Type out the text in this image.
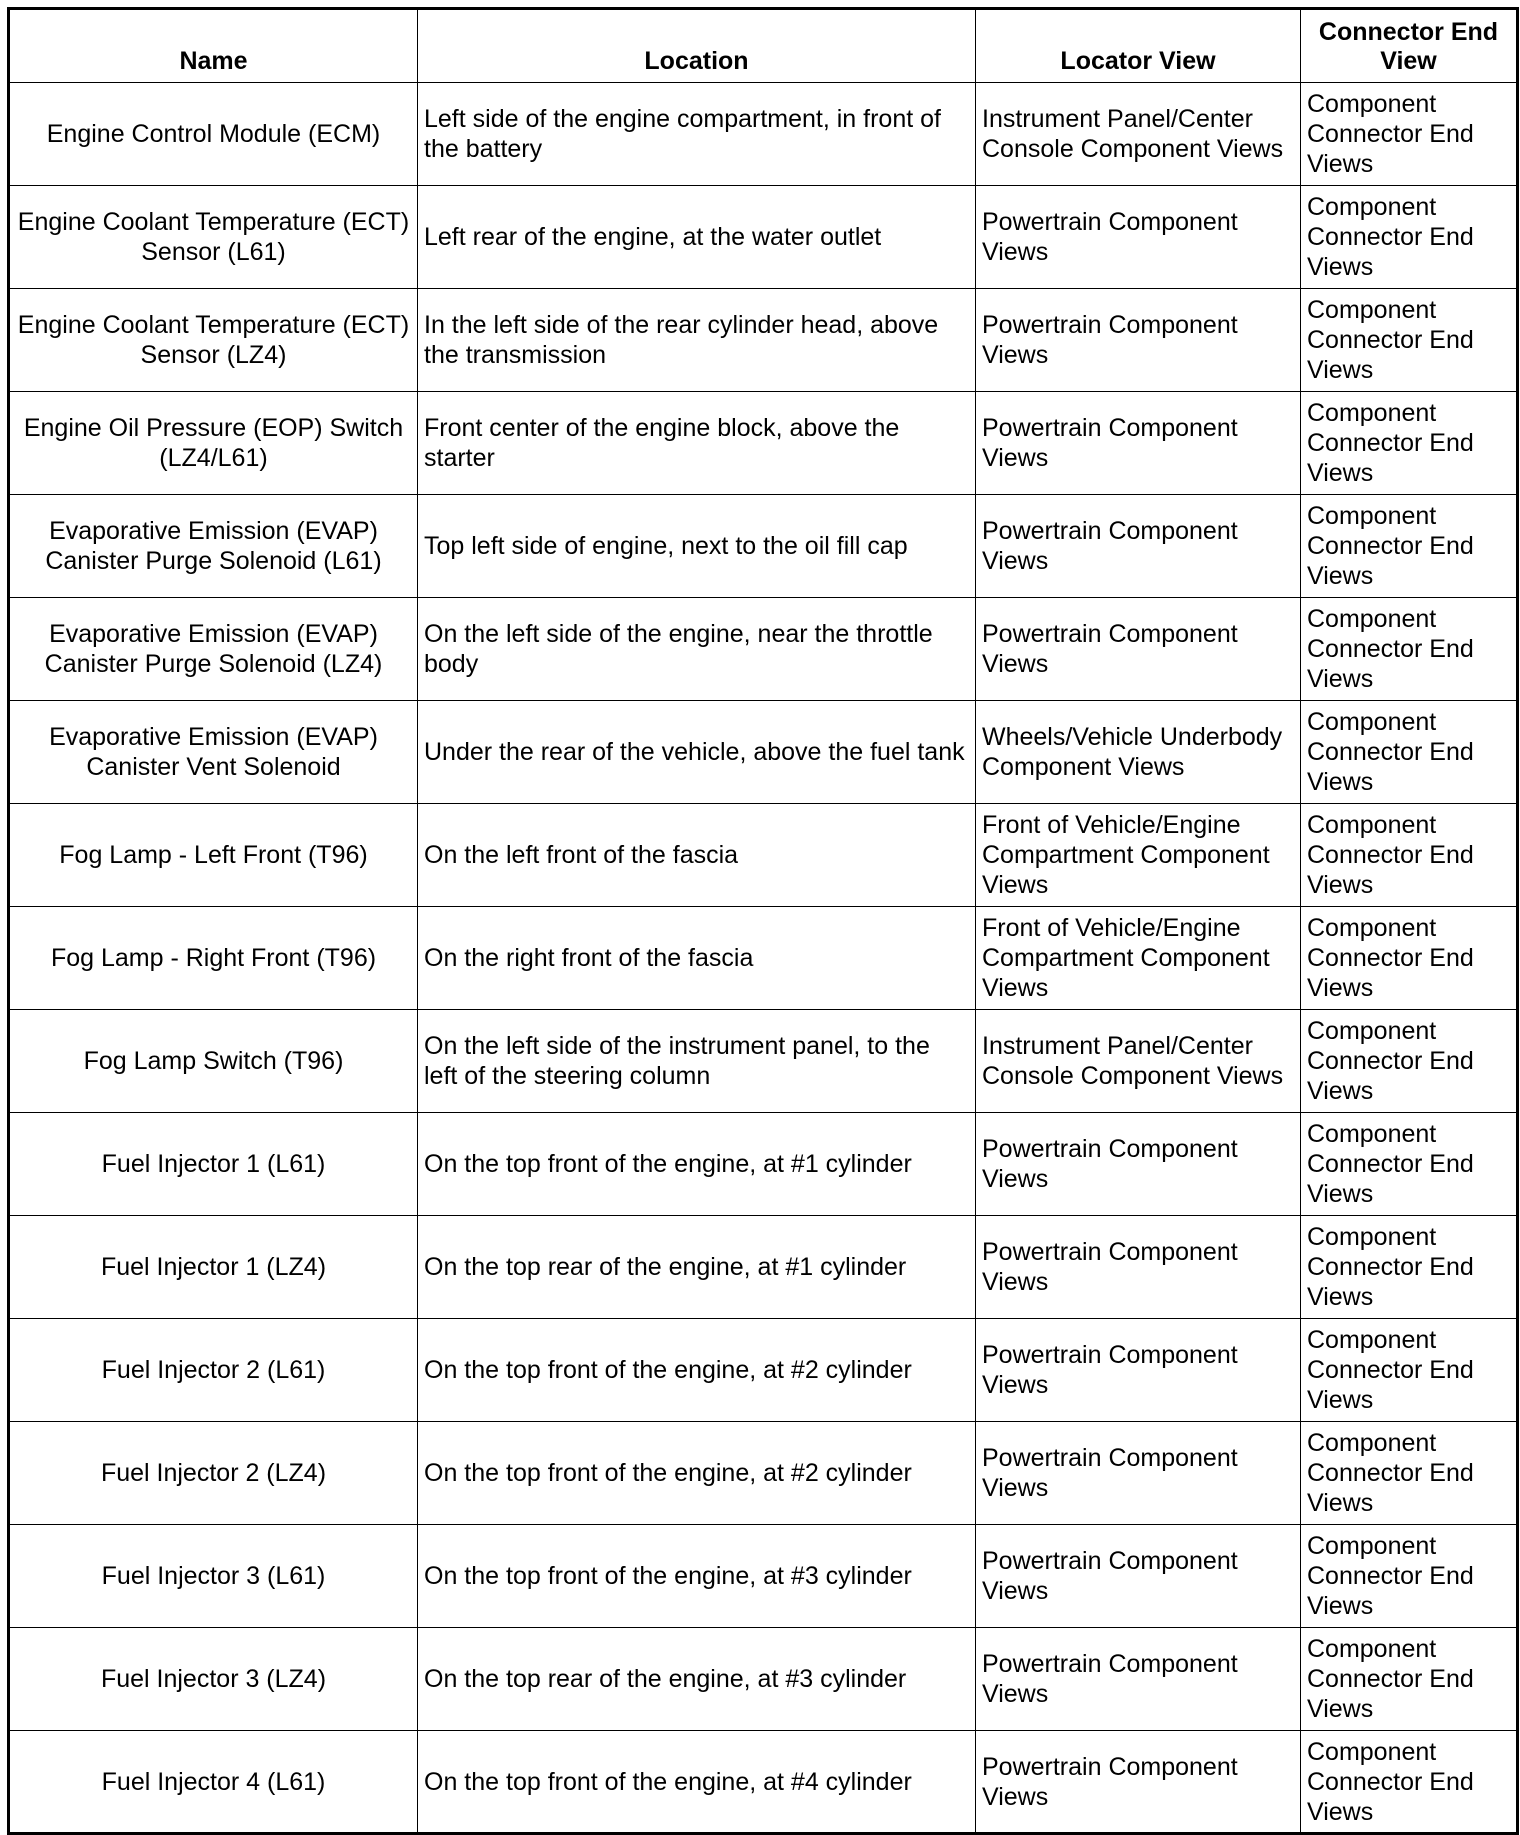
Name	Location	Locator View	Connector End View
Engine Control Module (ECM)	Left side of the engine compartment, in front of the battery	Instrument Panel/Center Console Component Views	Component Connector End Views
Engine Coolant Temperature (ECT) Sensor (L61)	Left rear of the engine, at the water outlet	Powertrain Component Views	Component Connector End Views
Engine Coolant Temperature (ECT) Sensor (LZ4)	In the left side of the rear cylinder head, above the transmission	Powertrain Component Views	Component Connector End Views
Engine Oil Pressure (EOP) Switch (LZ4/L61)	Front center of the engine block, above the starter	Powertrain Component Views	Component Connector End Views
Evaporative Emission (EVAP) Canister Purge Solenoid (L61)	Top left side of engine, next to the oil fill cap	Powertrain Component Views	Component Connector End Views
Evaporative Emission (EVAP) Canister Purge Solenoid (LZ4)	On the left side of the engine, near the throttle body	Powertrain Component Views	Component Connector End Views
Evaporative Emission (EVAP) Canister Vent Solenoid	Under the rear of the vehicle, above the fuel tank	Wheels/Vehicle Underbody Component Views	Component Connector End Views
Fog Lamp - Left Front (T96)	On the left front of the fascia	Front of Vehicle/Engine Compartment Component Views	Component Connector End Views
Fog Lamp - Right Front (T96)	On the right front of the fascia	Front of Vehicle/Engine Compartment Component Views	Component Connector End Views
Fog Lamp Switch (T96)	On the left side of the instrument panel, to the left of the steering column	Instrument Panel/Center Console Component Views	Component Connector End Views
Fuel Injector 1 (L61)	On the top front of the engine, at #1 cylinder	Powertrain Component Views	Component Connector End Views
Fuel Injector 1 (LZ4)	On the top rear of the engine, at #1 cylinder	Powertrain Component Views	Component Connector End Views
Fuel Injector 2 (L61)	On the top front of the engine, at #2 cylinder	Powertrain Component Views	Component Connector End Views
Fuel Injector 2 (LZ4)	On the top front of the engine, at #2 cylinder	Powertrain Component Views	Component Connector End Views
Fuel Injector 3 (L61)	On the top front of the engine, at #3 cylinder	Powertrain Component Views	Component Connector End Views
Fuel Injector 3 (LZ4)	On the top rear of the engine, at #3 cylinder	Powertrain Component Views	Component Connector End Views
Fuel Injector 4 (L61)	On the top front of the engine, at #4 cylinder	Powertrain Component Views	Component Connector End Views
